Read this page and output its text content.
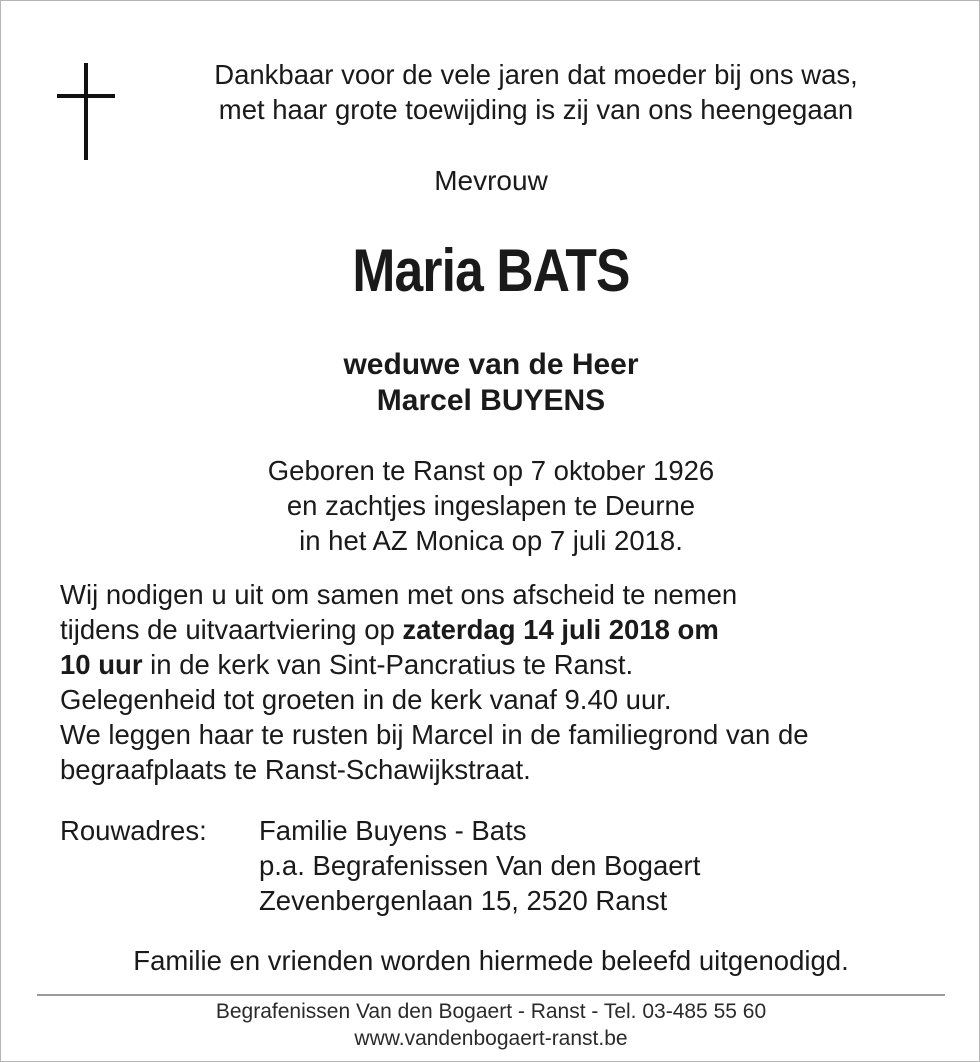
Dankbaar voor de vele jaren dat moeder bij ons was,
met haar grote toewijding is zij van ons heengegaan
Mevrouw
Maria BATS
weduwe van de Heer
Marcel BUYENS
Geboren te Ranst op 7 oktober 1926
en zachtjes ingeslapen te Deurne
in het AZ Monica op 7 juli 2018.
Wij nodigen u uit om samen met ons afscheid te nemen
tijdens de uitvaartviering op zaterdag 14 juli 2018 om
10 uur in de kerk van Sint-Pancratius te Ranst.
Gelegenheid tot groeten in de kerk vanaf 9.40 uur.
We leggen haar te rusten bij Marcel in de familiegrond van de
begraafplaats te Ranst-Schawijkstraat.
Rouwadres: Familie Buyens - Bats
p.a. Begrafenissen Van den Bogaert
Zevenbergenlaan 15, 2520 Ranst
Familie en vrienden worden hiermede beleefd uitgenodigd.
Begrafenissen Van den Bogaert - Ranst - Tel. 03-485 55 60
www.vandenbogaert-ranst.be
